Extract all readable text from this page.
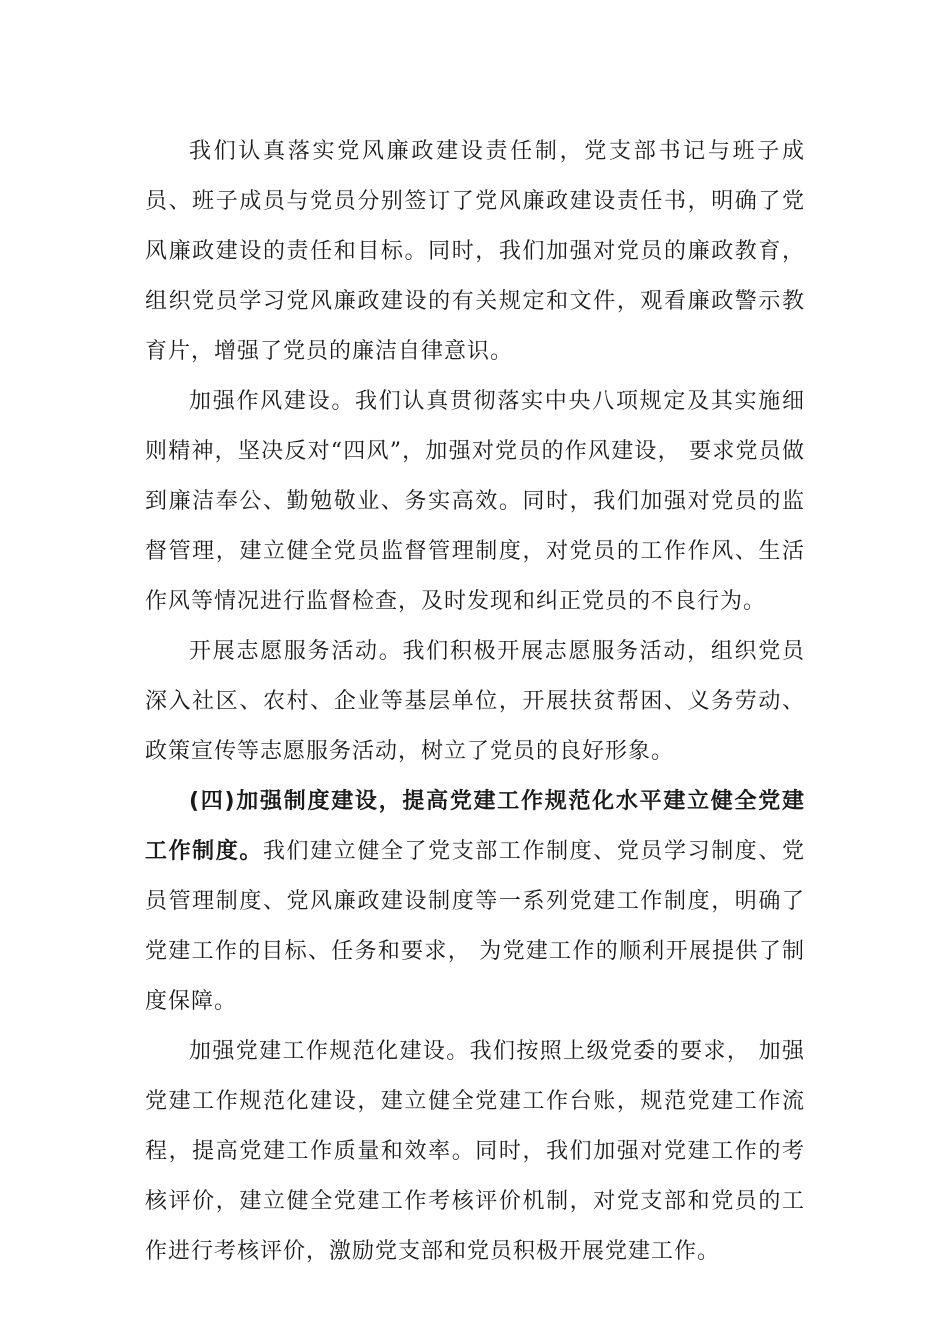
我们认真落实党风廉政建设责任制，党支部书记与班子成员、班子成员与党员分别签订了党风廉政建设责任书，明确了党风廉政建设的责任和目标。同时，我们加强对党员的廉政教育，组织党员学习党风廉政建设的有关规定和文件，观看廉政警示教育片，增强了党员的廉洁自律意识。

加强作风建设。我们认真贯彻落实中央八项规定及其实施细则精神，坚决反对“四风”，加强对党员的作风建设， 要求党员做到廉洁奉公、勤勉敬业、务实高效。同时，我们加强对党员的监督管理，建立健全党员监督管理制度，对党员的工作作风、生活作风等情况进行监督检查，及时发现和纠正党员的不良行为。

开展志愿服务活动。我们积极开展志愿服务活动，组织党员深入社区、农村、企业等基层单位，开展扶贫帮困、义务劳动、政策宣传等志愿服务活动，树立了党员的良好形象。

(四)加强制度建设，提高党建工作规范化水平建立健全党建工作制度。我们建立健全了党支部工作制度、党员学习制度、党员管理制度、党风廉政建设制度等一系列党建工作制度，明确了党建工作的目标、任务和要求， 为党建工作的顺利开展提供了制度保障。

加强党建工作规范化建设。我们按照上级党委的要求， 加强党建工作规范化建设，建立健全党建工作台账，规范党建工作流程，提高党建工作质量和效率。同时，我们加强对党建工作的考核评价，建立健全党建工作考核评价机制，对党支部和党员的工作进行考核评价，激励党支部和党员积极开展党建工作。
